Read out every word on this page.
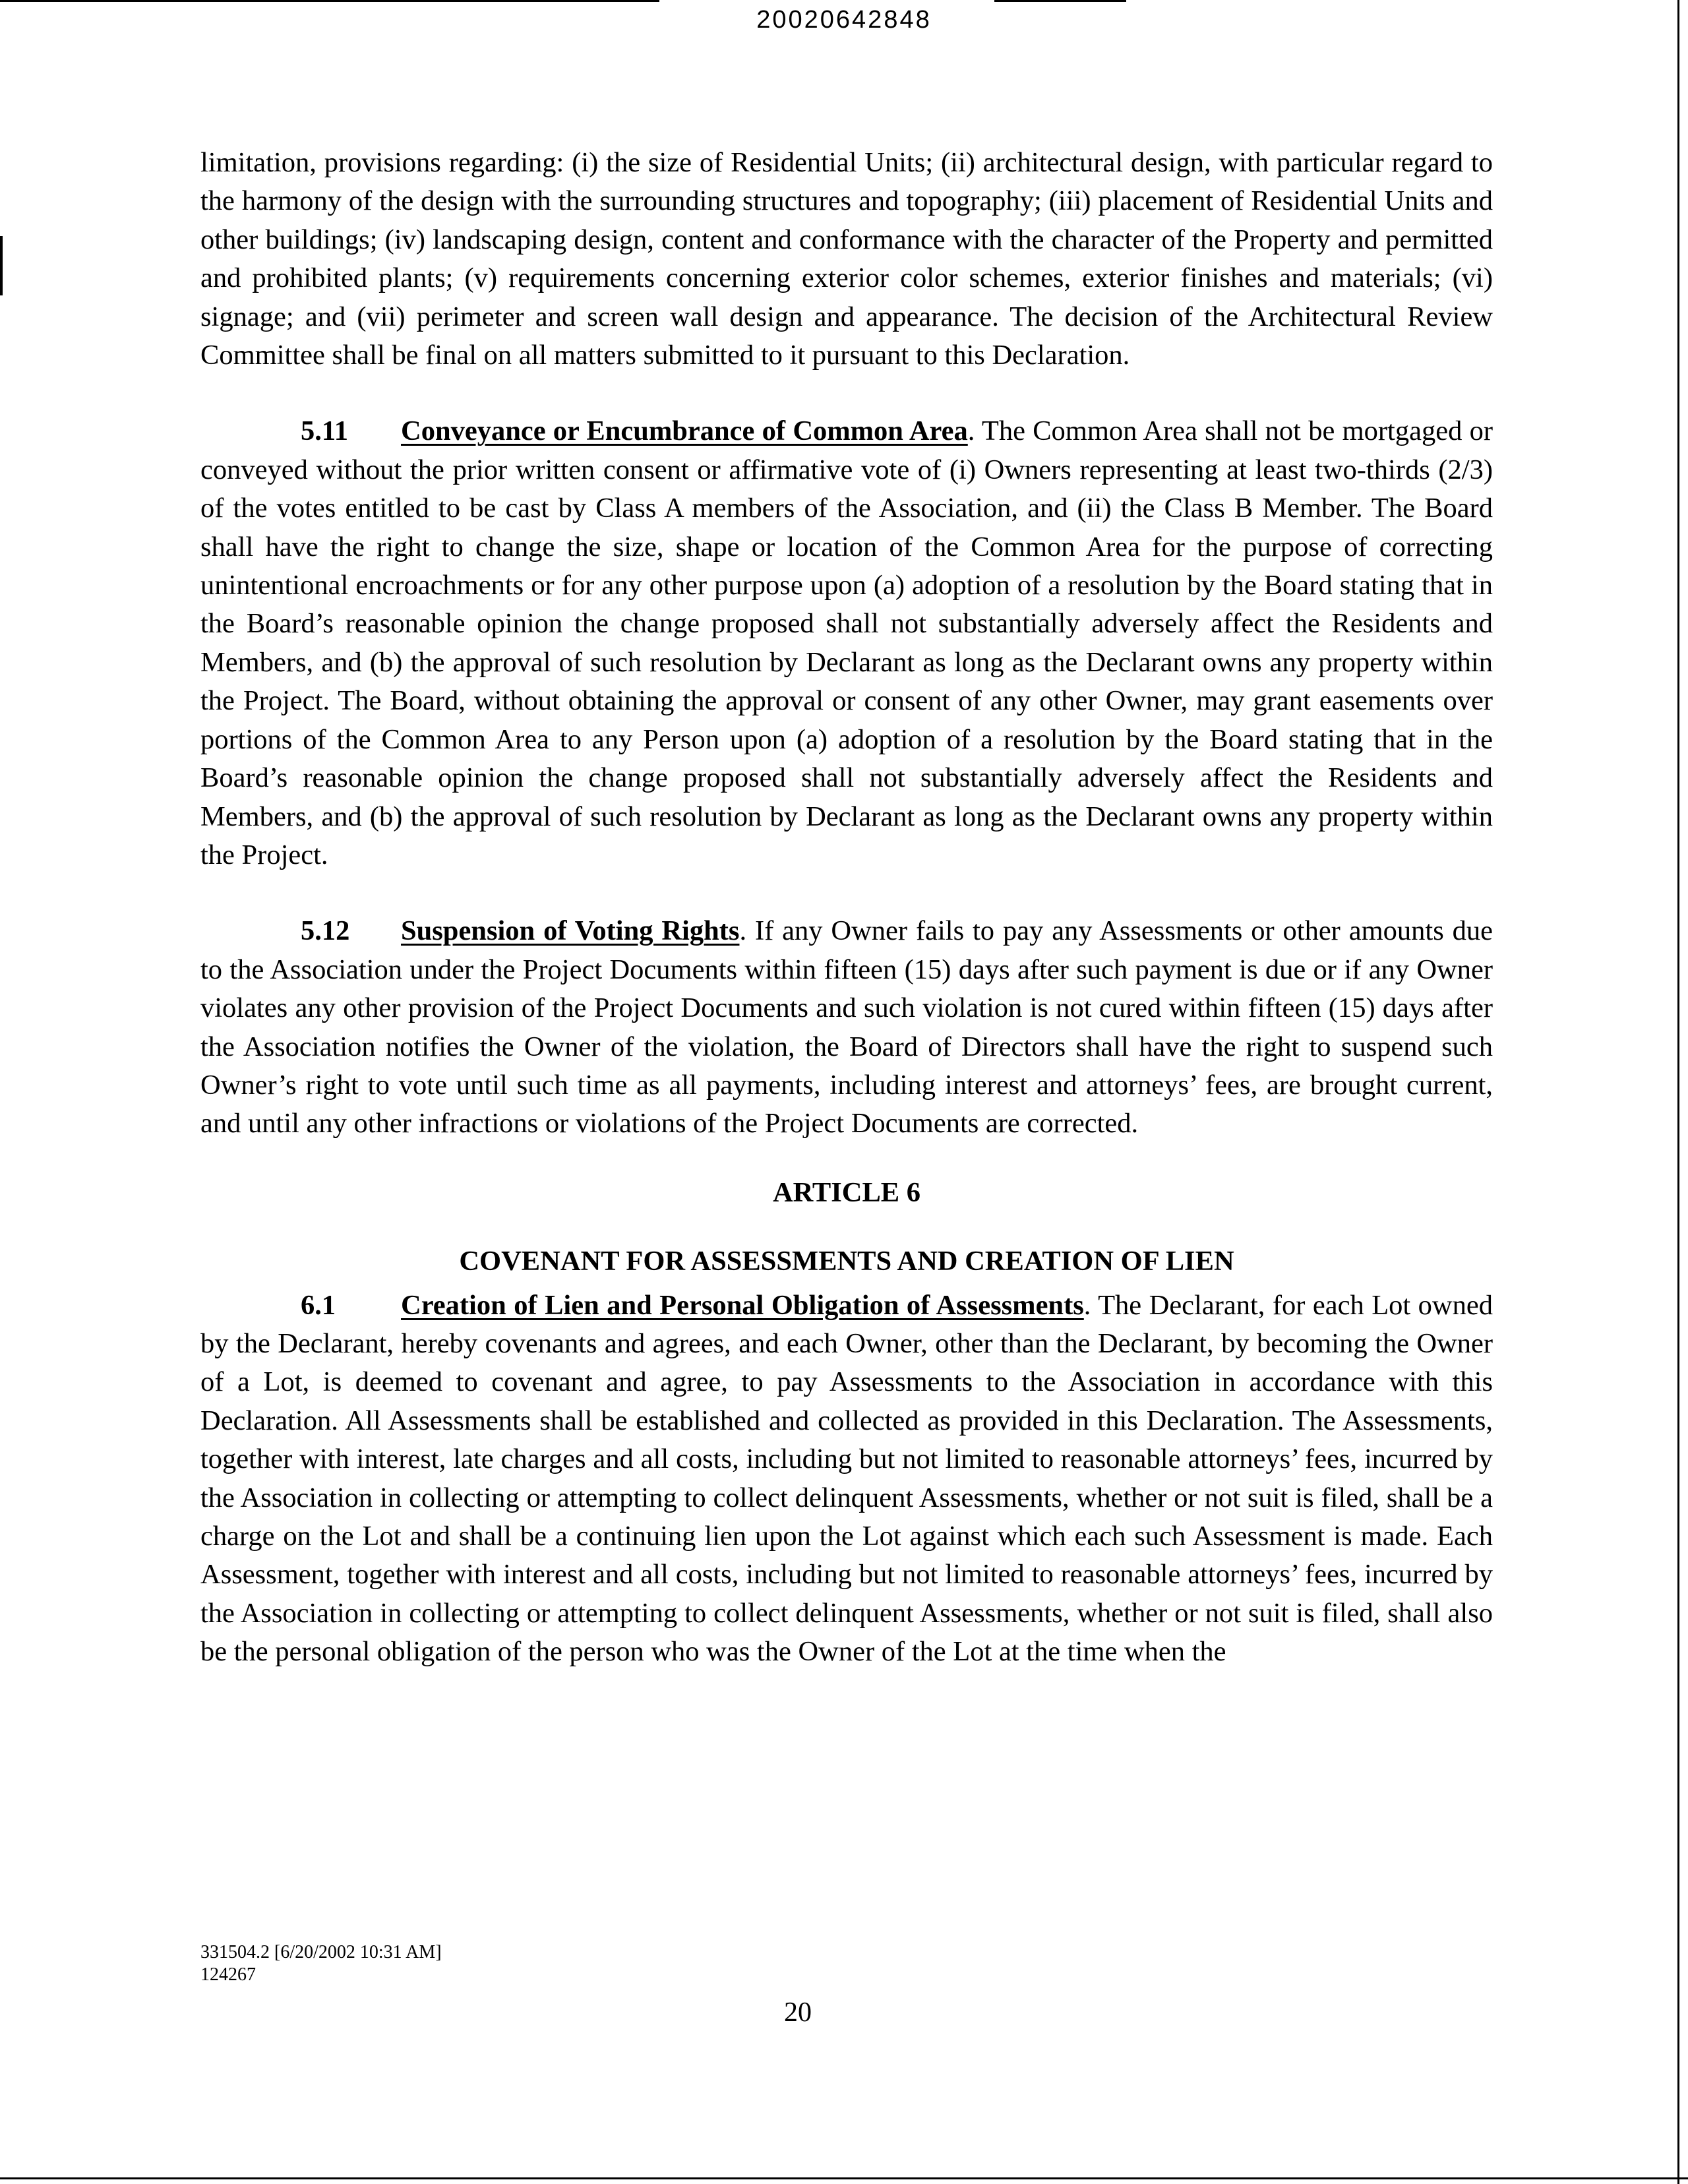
20020642848

limitation, provisions regarding: (i) the size of Residential Units; (ii) architectural design, with particular regard to the harmony of the design with the surrounding structures and topography; (iii) placement of Residential Units and other buildings; (iv) landscaping design, content and conformance with the character of the Property and permitted and prohibited plants; (v) requirements concerning exterior color schemes, exterior finishes and materials; (vi) signage; and (vii) perimeter and screen wall design and appearance. The decision of the Architectural Review Committee shall be final on all matters submitted to it pursuant to this Declaration.

5.11 Conveyance or Encumbrance of Common Area. The Common Area shall not be mortgaged or conveyed without the prior written consent or affirmative vote of (i) Owners representing at least two-thirds (2/3) of the votes entitled to be cast by Class A members of the Association, and (ii) the Class B Member. The Board shall have the right to change the size, shape or location of the Common Area for the purpose of correcting unintentional encroachments or for any other purpose upon (a) adoption of a resolution by the Board stating that in the Board’s reasonable opinion the change proposed shall not substantially adversely affect the Residents and Members, and (b) the approval of such resolution by Declarant as long as the Declarant owns any property within the Project. The Board, without obtaining the approval or consent of any other Owner, may grant easements over portions of the Common Area to any Person upon (a) adoption of a resolution by the Board stating that in the Board’s reasonable opinion the change proposed shall not substantially adversely affect the Residents and Members, and (b) the approval of such resolution by Declarant as long as the Declarant owns any property within the Project.

5.12 Suspension of Voting Rights. If any Owner fails to pay any Assessments or other amounts due to the Association under the Project Documents within fifteen (15) days after such payment is due or if any Owner violates any other provision of the Project Documents and such violation is not cured within fifteen (15) days after the Association notifies the Owner of the violation, the Board of Directors shall have the right to suspend such Owner’s right to vote until such time as all payments, including interest and attorneys’ fees, are brought current, and until any other infractions or violations of the Project Documents are corrected.

ARTICLE 6

COVENANT FOR ASSESSMENTS AND CREATION OF LIEN

6.1 Creation of Lien and Personal Obligation of Assessments. The Declarant, for each Lot owned by the Declarant, hereby covenants and agrees, and each Owner, other than the Declarant, by becoming the Owner of a Lot, is deemed to covenant and agree, to pay Assessments to the Association in accordance with this Declaration. All Assessments shall be established and collected as provided in this Declaration. The Assessments, together with interest, late charges and all costs, including but not limited to reasonable attorneys’ fees, incurred by the Association in collecting or attempting to collect delinquent Assessments, whether or not suit is filed, shall be a charge on the Lot and shall be a continuing lien upon the Lot against which each such Assessment is made. Each Assessment, together with interest and all costs, including but not limited to reasonable attorneys’ fees, incurred by the Association in collecting or attempting to collect delinquent Assessments, whether or not suit is filed, shall also be the personal obligation of the person who was the Owner of the Lot at the time when the

331504.2 [6/20/2002 10:31 AM]
124267
20
